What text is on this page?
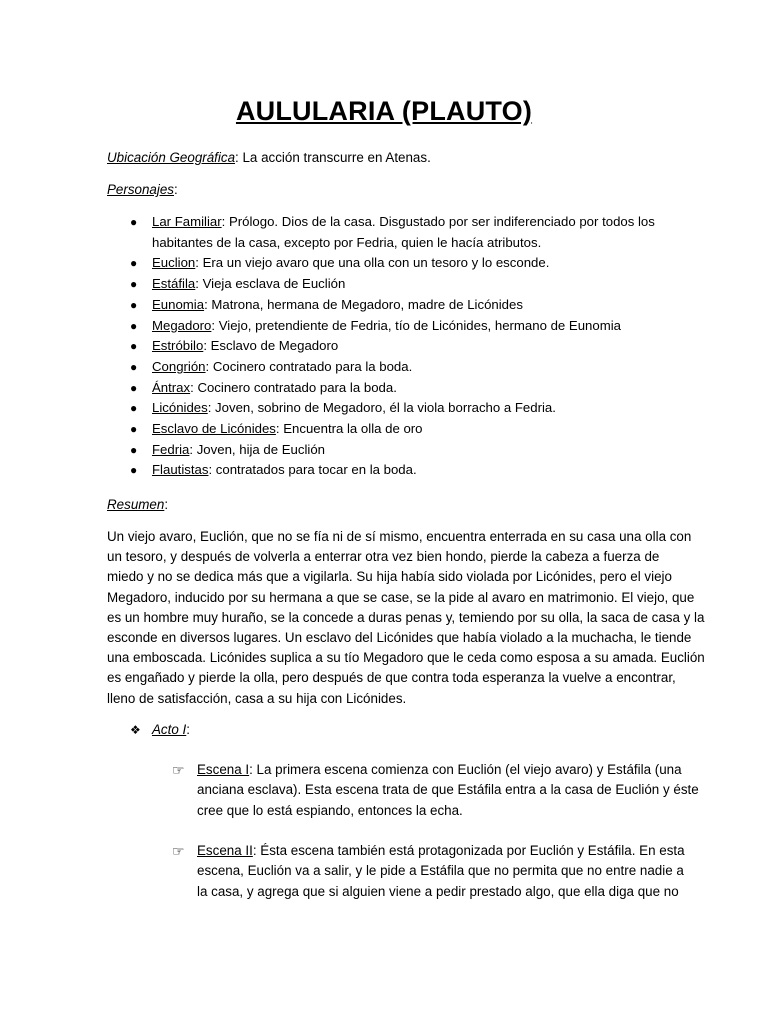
AULULARIA (PLAUTO)
Ubicación Geográfica: La acción transcurre en Atenas.
Personajes:
● Lar Familiar: Prólogo. Dios de la casa. Disgustado por ser indiferenciado por todos los
habitantes de la casa, excepto por Fedria, quien le hacía atributos.
● Euclion: Era un viejo avaro que una olla con un tesoro y lo esconde.
● Estáfila: Vieja esclava de Euclión
● Eunomia: Matrona, hermana de Megadoro, madre de Licónides
● Megadoro: Viejo, pretendiente de Fedria, tío de Licónides, hermano de Eunomia
● Estróbilo: Esclavo de Megadoro
● Congrión: Cocinero contratado para la boda.
● Ántrax: Cocinero contratado para la boda.
● Licónides: Joven, sobrino de Megadoro, él la viola borracho a Fedria.
● Esclavo de Licónides: Encuentra la olla de oro
● Fedria: Joven, hija de Euclión
● Flautistas: contratados para tocar en la boda.
Resumen:
Un viejo avaro, Euclión, que no se fía ni de sí mismo, encuentra enterrada en su casa una olla con
un tesoro, y después de volverla a enterrar otra vez bien hondo, pierde la cabeza a fuerza de
miedo y no se dedica más que a vigilarla. Su hija había sido violada por Licónides, pero el viejo
Megadoro, inducido por su hermana a que se case, se la pide al avaro en matrimonio. El viejo, que
es un hombre muy huraño, se la concede a duras penas y, temiendo por su olla, la saca de casa y la
esconde en diversos lugares. Un esclavo del Licónides que había violado a la muchacha, le tiende
una emboscada. Licónides suplica a su tío Megadoro que le ceda como esposa a su amada. Euclión
es engañado y pierde la olla, pero después de que contra toda esperanza la vuelve a encontrar,
lleno de satisfacción, casa a su hija con Licónides.
❖ Acto I:
☞ Escena I: La primera escena comienza con Euclión (el viejo avaro) y Estáfila (una
anciana esclava). Esta escena trata de que Estáfila entra a la casa de Euclión y éste
cree que lo está espiando, entonces la echa.
☞ Escena II: Ésta escena también está protagonizada por Euclión y Estáfila. En esta
escena, Euclión va a salir, y le pide a Estáfila que no permita que no entre nadie a
la casa, y agrega que si alguien viene a pedir prestado algo, que ella diga que no
